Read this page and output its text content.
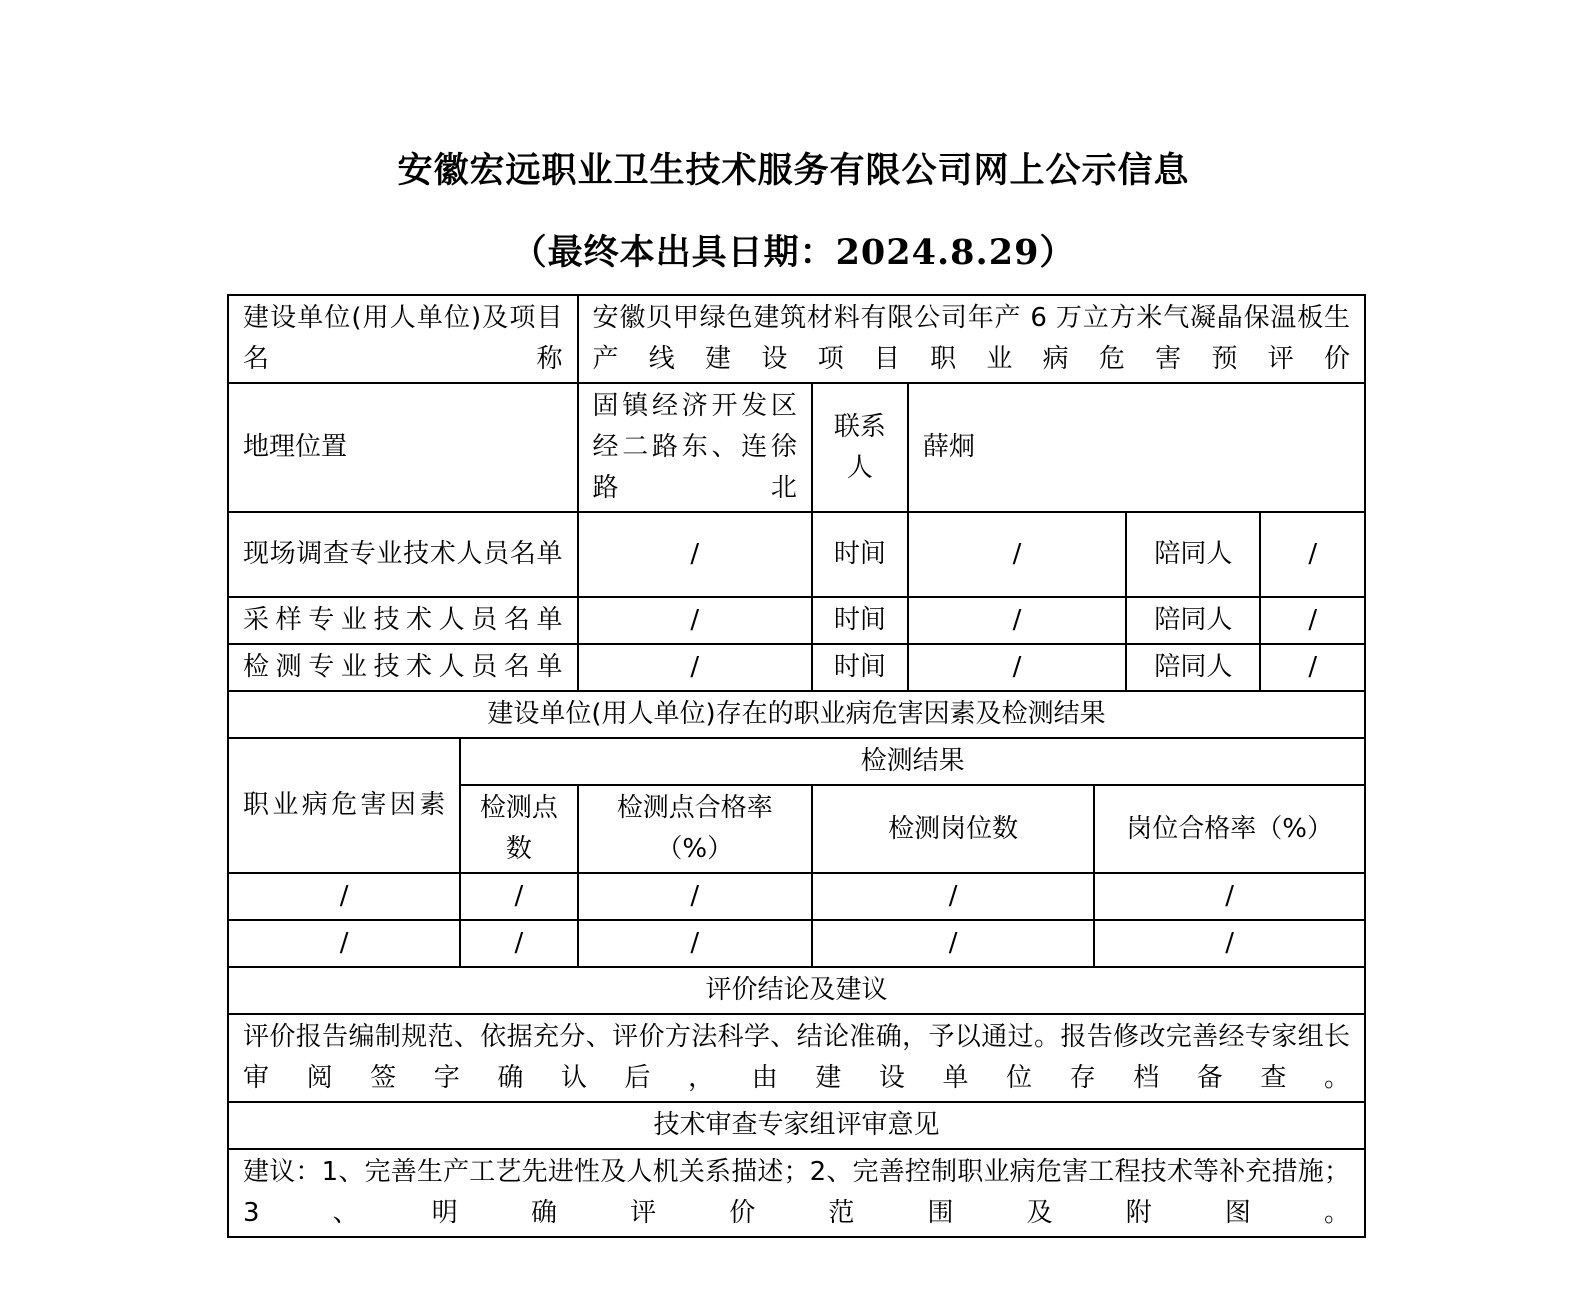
安徽宏远职业卫生技术服务有限公司网上公示信息
（最终本出具日期：2024.8.29）
建设单位(用人单位)及项目名称		安徽贝甲绿色建筑材料有限公司年产 6 万立方米气凝晶保温板生产线建设项目职业病危害预评价					
地理位置		固镇经济开发区经二路东、连徐路北	联系人	薛炯			
现场调查专业技术人员名单		/	时间	/		陪同人	/
采样专业技术人员名单		/	时间	/		陪同人	/
检测专业技术人员名单		/	时间	/		陪同人	/
建设单位(用人单位)存在的职业病危害因素及检测结果							
职业病危害因素	检测结果						
	检测点数	检测点合格率（%）	检测岗位数		岗位合格率（%）		
/	/	/	/		/		
/	/	/	/		/		
评价结论及建议							
评价报告编制规范、依据充分、评价方法科学、结论准确，予以通过。报告修改完善经专家组长审阅签字确认后，由建设单位存档备查。							
技术审查专家组评审意见							
建议：1、完善生产工艺先进性及人机关系描述；2、完善控制职业病危害工程技术等补充措施；3、明确评价范围及附图。							
